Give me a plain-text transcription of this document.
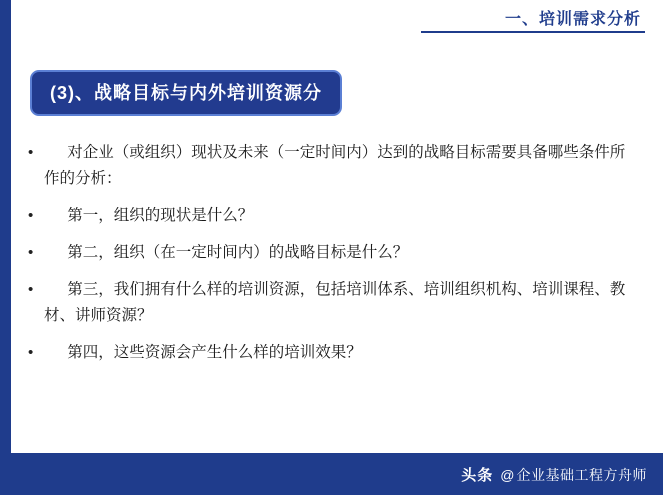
一、培训需求分析
(3)、战略目标与内外培训资源分
•	对企业（或组织）现状及未来（一定时间内）达到的战略目标需要具备哪些条件所作的分析：
•	第一，组织的现状是什么？
•	第二，组织（在一定时间内）的战略目标是什么？
•	第三，我们拥有什么样的培训资源，包括培训体系、培训组织机构、培训课程、教材、讲师资源？
•	第四，这些资源会产生什么样的培训效果？
头条 @ 企业基础工程方舟师
